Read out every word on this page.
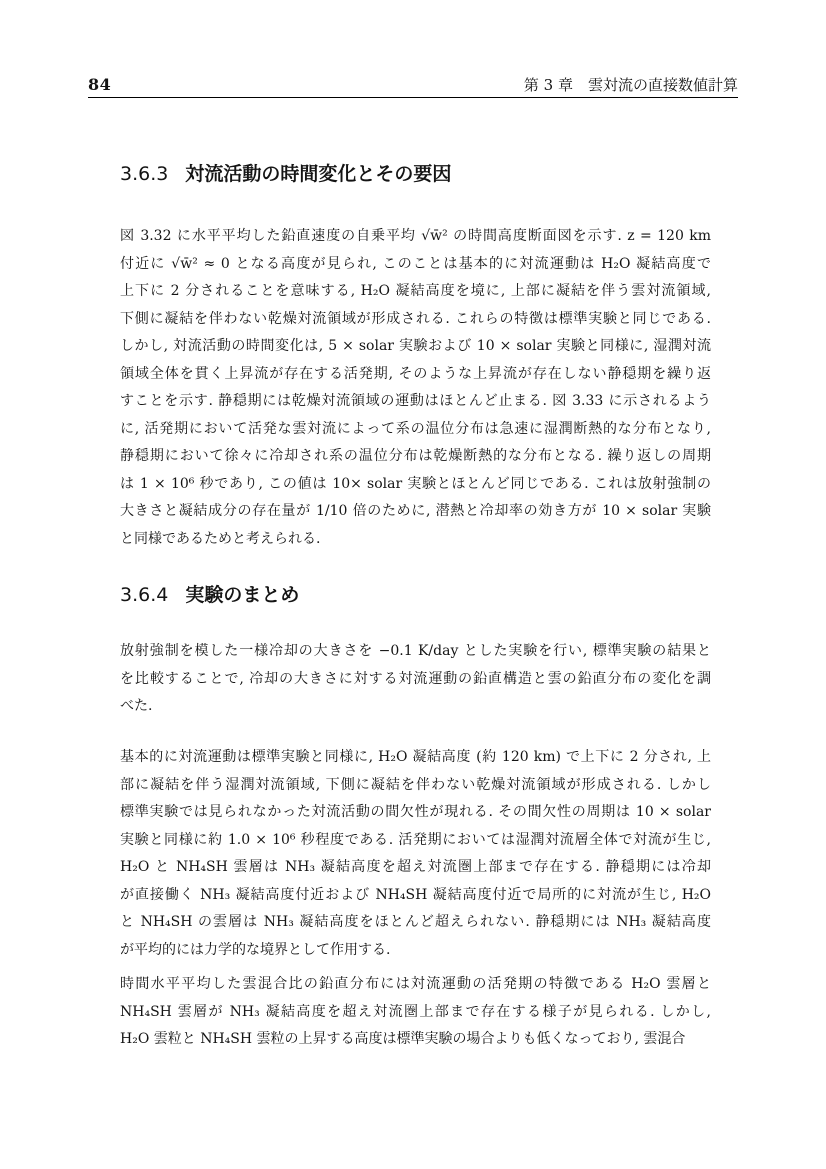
84	第 3 章　雲対流の直接数値計算
3.6.3 対流活動の時間変化とその要因
図 3.32 に水平平均した鉛直速度の自乗平均 √w̄² の時間高度断面図を示す. z = 120 km
付近に √w̄² ≈ 0 となる高度が見られ, このことは基本的に対流運動は H₂O 凝結高度で
上下に 2 分されることを意味する, H₂O 凝結高度を境に, 上部に凝結を伴う雲対流領域,
下側に凝結を伴わない乾燥対流領域が形成される. これらの特徴は標準実験と同じである.
しかし, 対流活動の時間変化は, 5 × solar 実験および 10 × solar 実験と同様に, 湿潤対流
領域全体を貫く上昇流が存在する活発期, そのような上昇流が存在しない静穏期を繰り返
すことを示す. 静穏期には乾燥対流領域の運動はほとんど止まる. 図 3.33 に示されるよう
に, 活発期において活発な雲対流によって系の温位分布は急速に湿潤断熱的な分布となり,
静穏期において徐々に冷却され系の温位分布は乾燥断熱的な分布となる. 繰り返しの周期
は 1 × 10⁶ 秒であり, この値は 10× solar 実験とほとんど同じである. これは放射強制の
大きさと凝結成分の存在量が 1/10 倍のために, 潜熱と冷却率の効き方が 10 × solar 実験
と同様であるためと考えられる.
3.6.4 実験のまとめ
放射強制を模した一様冷却の大きさを −0.1 K/day とした実験を行い, 標準実験の結果と
を比較することで, 冷却の大きさに対する対流運動の鉛直構造と雲の鉛直分布の変化を調
べた.
基本的に対流運動は標準実験と同様に, H₂O 凝結高度 (約 120 km) で上下に 2 分され, 上
部に凝結を伴う湿潤対流領域, 下側に凝結を伴わない乾燥対流領域が形成される. しかし
標準実験では見られなかった対流活動の間欠性が現れる. その間欠性の周期は 10 × solar
実験と同様に約 1.0 × 10⁶ 秒程度である. 活発期においては湿潤対流層全体で対流が生じ,
H₂O と NH₄SH 雲層は NH₃ 凝結高度を超え対流圏上部まで存在する. 静穏期には冷却
が直接働く NH₃ 凝結高度付近および NH₄SH 凝結高度付近で局所的に対流が生じ, H₂O
と NH₄SH の雲層は NH₃ 凝結高度をほとんど超えられない. 静穏期には NH₃ 凝結高度
が平均的には力学的な境界として作用する.
時間水平平均した雲混合比の鉛直分布には対流運動の活発期の特徴である H₂O 雲層と
NH₄SH 雲層が NH₃ 凝結高度を超え対流圏上部まで存在する様子が見られる. しかし,
H₂O 雲粒と NH₄SH 雲粒の上昇する高度は標準実験の場合よりも低くなっており, 雲混合
